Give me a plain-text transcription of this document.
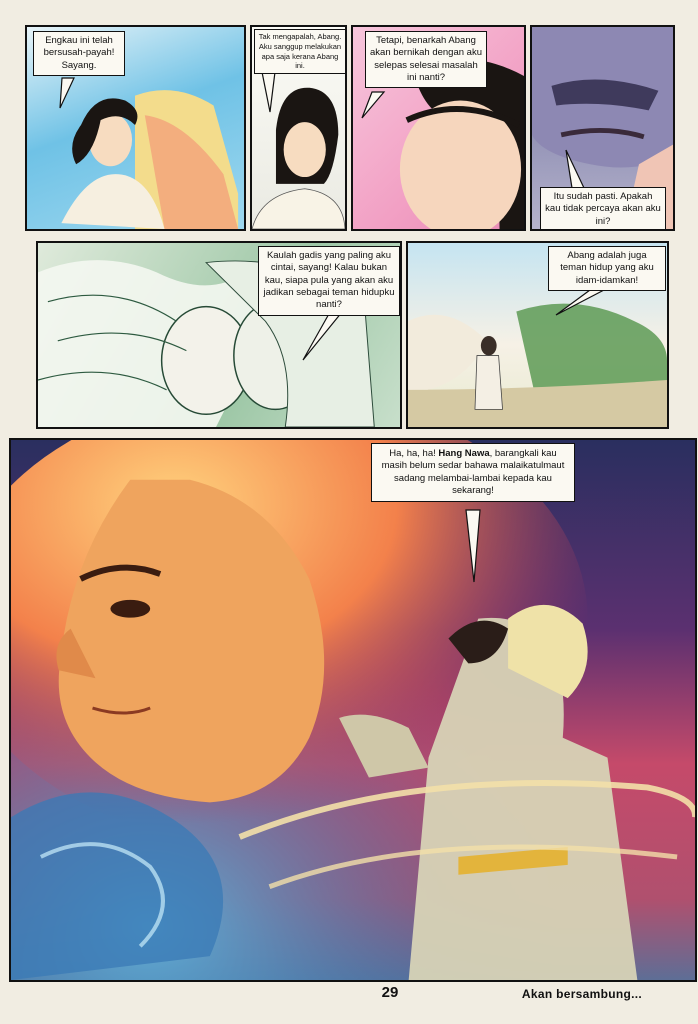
Engkau ini telah bersusah-payah! Sayang.
Tak mengapalah, Abang. Aku sanggup melakukan apa saja kerana Abang ini.
Tetapi, benarkah Abang akan bernikah dengan aku selepas selesai masalah ini nanti?
Itu sudah pasti. Apakah kau tidak percaya akan aku ini?
Kaulah gadis yang paling aku cintai, sayang! Kalau bukan kau, siapa pula yang akan aku jadikan sebagai teman hidupku nanti?
Abang adalah juga teman hidup yang aku idam-idamkan!
Ha, ha, ha! Hang Nawa, barangkali kau masih belum sedar bahawa malaikatulmaut sadang melambai-lambai kepada kau sekarang!
29	Akan bersambung...
